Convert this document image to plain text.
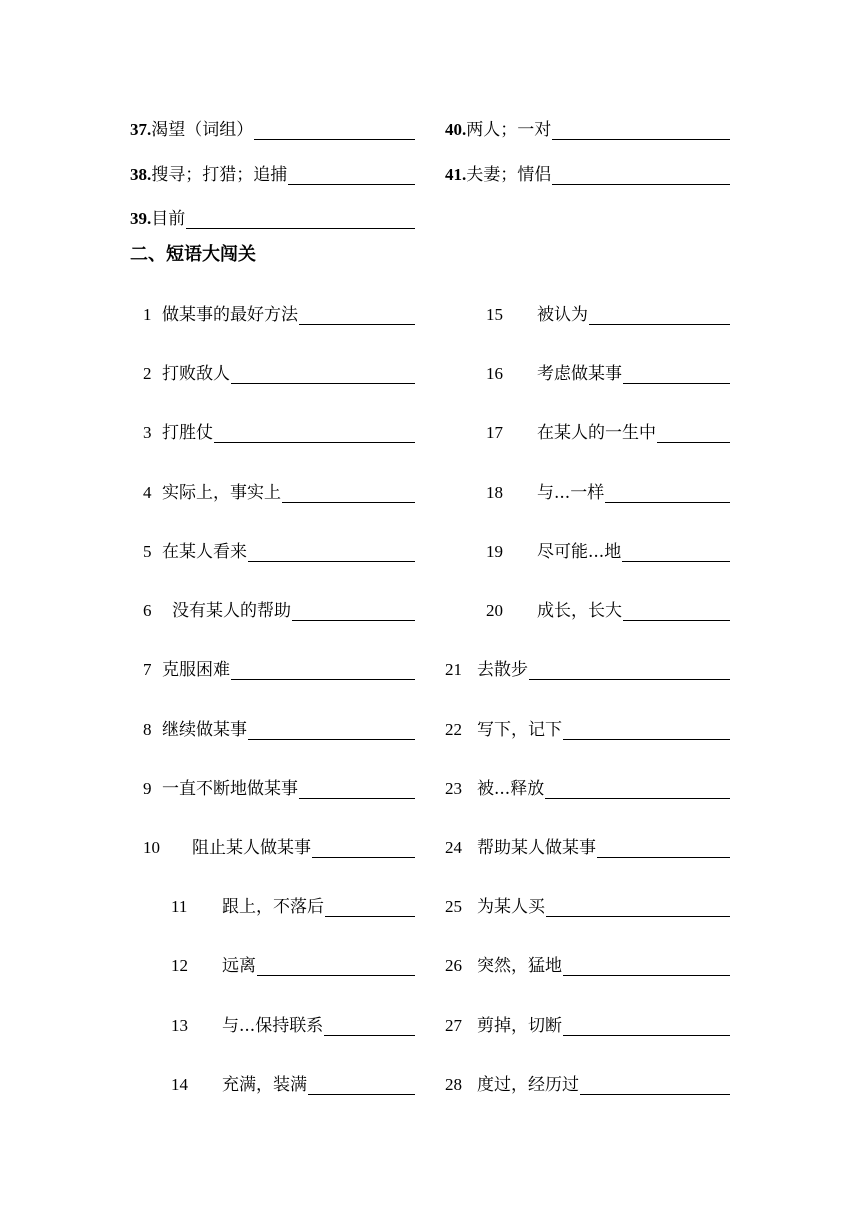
37. 渴望（词组）
38. 搜寻；打猎；追捕
39. 目前
40. 两人；一对
41. 夫妻；情侣
二、短语大闯关
1 做某事的最好方法
2 打败敌人
3 打胜仗
4 实际上，事实上
5 在某人看来
6	没有某人的帮助
7 克服困难
8 继续做某事
9 一直不断地做某事
10	阻止某人做某事
11	跟上，不落后
12	远离
13	与...保持联系
14	充满，装满
15	被认为
16	考虑做某事
17	在某人的一生中
18	与...一样
19	尽可能...地
20	成长，长大
21 去散步
22 写下，记下
23 被...释放
24 帮助某人做某事
25 为某人买
26 突然，猛地
27 剪掉，切断
28 度过，经历过
